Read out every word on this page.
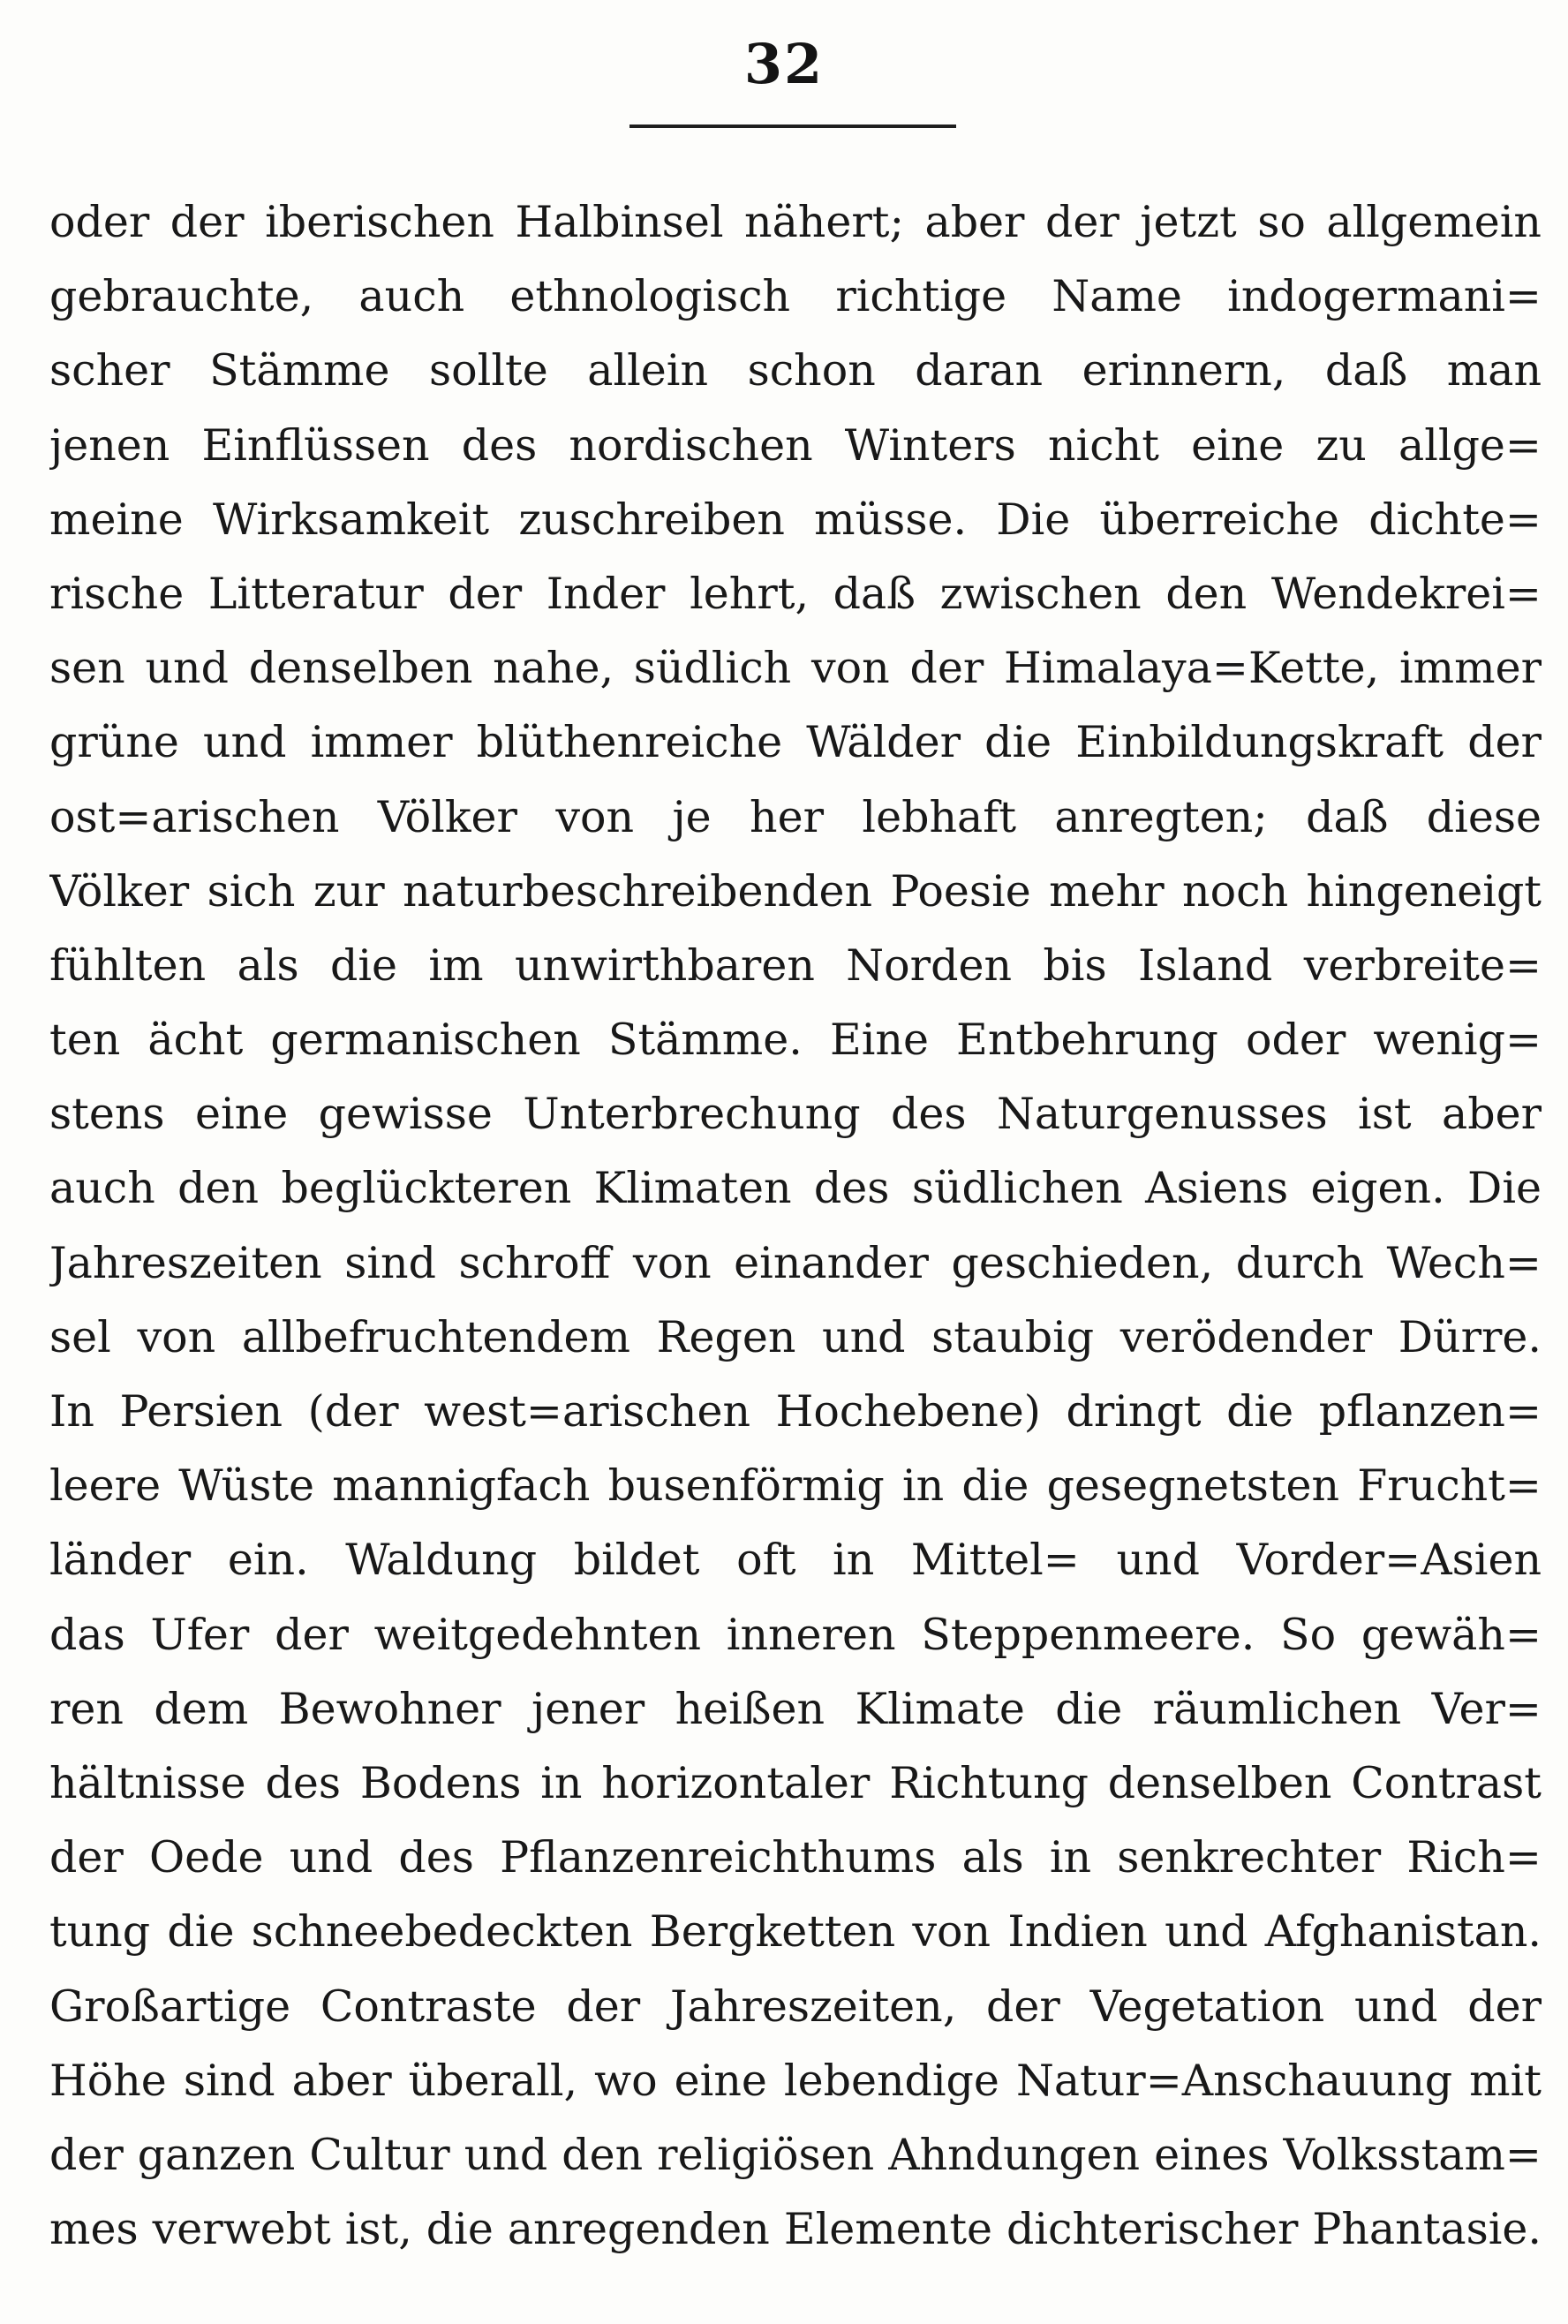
32
oder der iberischen Halbinsel nähert; aber der jetzt so allgemein
gebrauchte, auch ethnologisch richtige Name indogermani=
scher Stämme sollte allein schon daran erinnern, daß man
jenen Einflüssen des nordischen Winters nicht eine zu allge=
meine Wirksamkeit zuschreiben müsse. Die überreiche dichte=
rische Litteratur der Inder lehrt, daß zwischen den Wendekrei=
sen und denselben nahe, südlich von der Himalaya=Kette, immer
grüne und immer blüthenreiche Wälder die Einbildungskraft der
ost=arischen Völker von je her lebhaft anregten; daß diese
Völker sich zur naturbeschreibenden Poesie mehr noch hingeneigt
fühlten als die im unwirthbaren Norden bis Island verbreite=
ten ächt germanischen Stämme. Eine Entbehrung oder wenig=
stens eine gewisse Unterbrechung des Naturgenusses ist aber
auch den beglückteren Klimaten des südlichen Asiens eigen. Die
Jahreszeiten sind schroff von einander geschieden, durch Wech=
sel von allbefruchtendem Regen und staubig verödender Dürre.
In Persien (der west=arischen Hochebene) dringt die pflanzen=
leere Wüste mannigfach busenförmig in die gesegnetsten Frucht=
länder ein. Waldung bildet oft in Mittel= und Vorder=Asien
das Ufer der weitgedehnten inneren Steppenmeere. So gewäh=
ren dem Bewohner jener heißen Klimate die räumlichen Ver=
hältnisse des Bodens in horizontaler Richtung denselben Contrast
der Oede und des Pflanzenreichthums als in senkrechter Rich=
tung die schneebedeckten Bergketten von Indien und Afghanistan.
Großartige Contraste der Jahreszeiten, der Vegetation und der
Höhe sind aber überall, wo eine lebendige Natur=Anschauung mit
der ganzen Cultur und den religiösen Ahndungen eines Volksstam=
mes verwebt ist, die anregenden Elemente dichterischer Phantasie.
